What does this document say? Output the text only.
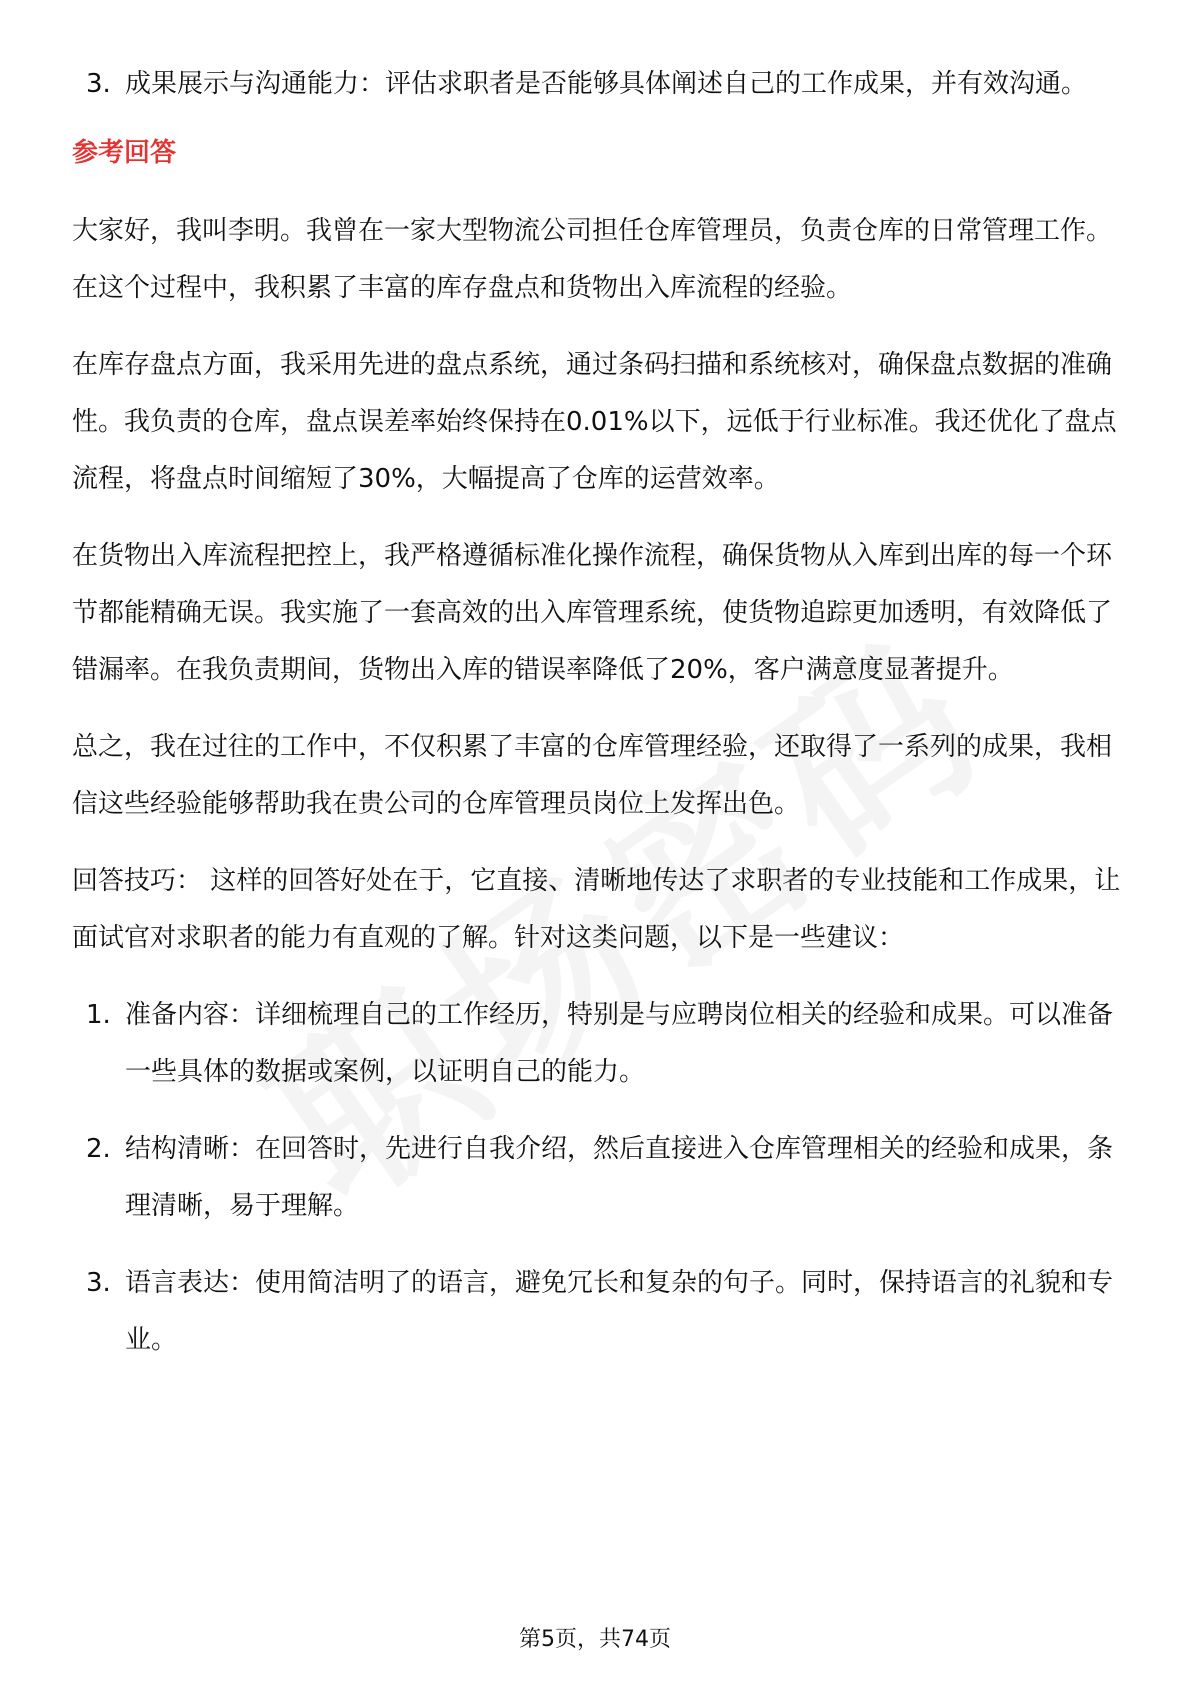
3. 成果展示与沟通能力：评估求职者是否能够具体阐述自己的工作成果，并有效沟通。
参考回答
大家好，我叫李明。我曾在一家大型物流公司担任仓库管理员，负责仓库的日常管理工作。在这个过程中，我积累了丰富的库存盘点和货物出入库流程的经验。
在库存盘点方面，我采用先进的盘点系统，通过条码扫描和系统核对，确保盘点数据的准确性。我负责的仓库，盘点误差率始终保持在0.01%以下，远低于行业标准。我还优化了盘点流程，将盘点时间缩短了30%，大幅提高了仓库的运营效率。
在货物出入库流程把控上，我严格遵循标准化操作流程，确保货物从入库到出库的每一个环节都能精确无误。我实施了一套高效的出入库管理系统，使货物追踪更加透明，有效降低了错漏率。在我负责期间，货物出入库的错误率降低了20%，客户满意度显著提升。
总之，我在过往的工作中，不仅积累了丰富的仓库管理经验，还取得了一系列的成果，我相信这些经验能够帮助我在贵公司的仓库管理员岗位上发挥出色。
回答技巧： 这样的回答好处在于，它直接、清晰地传达了求职者的专业技能和工作成果，让面试官对求职者的能力有直观的了解。针对这类问题，以下是一些建议：
1. 准备内容：详细梳理自己的工作经历，特别是与应聘岗位相关的经验和成果。可以准备一些具体的数据或案例，以证明自己的能力。
2. 结构清晰：在回答时，先进行自我介绍，然后直接进入仓库管理相关的经验和成果，条理清晰，易于理解。
3. 语言表达：使用简洁明了的语言，避免冗长和复杂的句子。同时，保持语言的礼貌和专业。
第5页，共74页
